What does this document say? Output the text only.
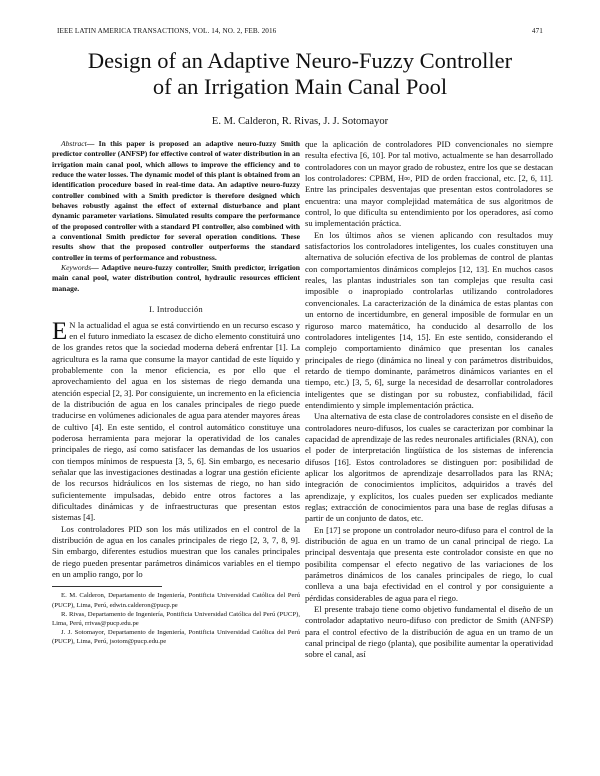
IEEE LATIN AMERICA TRANSACTIONS, VOL. 14, NO. 2, FEB. 2016	471
Design of an Adaptive Neuro-Fuzzy Controller
of an Irrigation Main Canal Pool
E. M. Calderon, R. Rivas, J. J. Sotomayor

Abstract— In this paper is proposed an adaptive neuro-fuzzy Smith predictor controller (ANFSP) for effective control of water distribution in an irrigation main canal pool, which allows to improve the efficiency and to reduce the water losses. The dynamic model of this plant is obtained from an identification procedure based in real-time data. An adaptive neuro-fuzzy controller combined with a Smith predictor is therefore designed which behaves robustly against the effect of external disturbance and plant dynamic parameter variations. Simulated results compare the performance of the proposed controller with a standard PI controller, also combined with a conventional Smith predictor for several operation conditions. These results show that the proposed controller outperforms the standard controller in terms of performance and robustness.

Keywords— Adaptive neuro-fuzzy controller, Smith predictor, irrigation main canal pool, water distribution control, hydraulic resources efficient manage.

I. Introducción

E N la actualidad el agua se está convirtiendo en un recurso escaso y en el futuro inmediato la escasez de dicho elemento constituirá uno de los grandes retos que la sociedad moderna deberá enfrentar [1]. La agricultura es la rama que consume la mayor cantidad de este líquido y probablemente con la menor eficiencia, es por ello que el aprovechamiento del agua en los sistemas de riego demanda una atención especial [2, 3]. Por consiguiente, un incremento en la eficiencia de la distribución de agua en los canales principales de riego puede traducirse en volúmenes adicionales de agua para atender mayores áreas de cultivo [4]. En este sentido, el control automático constituye una poderosa herramienta para mejorar la operatividad de los canales principales de riego, así como satisfacer las demandas de los usuarios con tiempos mínimos de respuesta [3, 5, 6]. Sin embargo, es necesario señalar que las investigaciones destinadas a lograr una gestión eficiente de los recursos hidráulicos en los sistemas de riego, no han sido suficientemente impulsadas, debido entre otros factores a las dificultades dinámicas y de infraestructuras que presentan estos sistemas [4].

Los controladores PID son los más utilizados en el control de la distribución de agua en los canales principales de riego [2, 3, 7, 8, 9]. Sin embargo, diferentes estudios muestran que los canales principales de riego pueden presentar parámetros dinámicos variables en el tiempo en un amplio rango, por lo

E. M. Calderon, Departamento de Ingeniería, Pontificia Universidad Católica del Perú (PUCP), Lima, Perú, edwin.calderon@pucp.pe

R. Rivas, Departamento de Ingeniería, Pontificia Universidad Católica del Perú (PUCP), Lima, Perú, rrivas@pucp.edu.pe

J. J. Sotomayor, Departamento de Ingeniería, Pontificia Universidad Católica del Perú (PUCP), Lima, Perú, jsotom@pucp.edu.pe

que la aplicación de controladores PID convencionales no siempre resulta efectiva [6, 10]. Por tal motivo, actualmente se han desarrollado controladores con un mayor grado de robustez, entre los que se destacan los controladores: CPBM, H∞, PID de orden fraccional, etc. [2, 6, 11]. Entre las principales desventajas que presentan estos controladores se encuentra: una mayor complejidad matemática de sus algoritmos de control, lo que dificulta su entendimiento por los operadores, así como su implementación práctica.

En los últimos años se vienen aplicando con resultados muy satisfactorios los controladores inteligentes, los cuales constituyen una alternativa de solución efectiva de los problemas de control de plantas con comportamientos dinámicos complejos [12, 13]. En muchos casos reales, las plantas industriales son tan complejas que resulta casi imposible o inapropiado controlarlas utilizando controladores convencionales. La caracterización de la dinámica de estas plantas con un entorno de incertidumbre, en general imposible de formular en un riguroso marco matemático, ha conducido al desarrollo de los controladores inteligentes [14, 15]. En este sentido, considerando el complejo comportamiento dinámico que presentan los canales principales de riego (dinámica no lineal y con parámetros distribuidos, retardo de tiempo dominante, parámetros dinámicos variantes en el tiempo, etc.) [3, 5, 6], surge la necesidad de desarrollar controladores inteligentes que se distingan por su robustez, confiabilidad, fácil entendimiento y simple implementación práctica.

Una alternativa de esta clase de controladores consiste en el diseño de controladores neuro-difusos, los cuales se caracterizan por combinar la capacidad de aprendizaje de las redes neuronales artificiales (RNA), con el poder de interpretación lingüística de los sistemas de inferencia difusos [16]. Estos controladores se distinguen por: posibilidad de aplicar los algoritmos de aprendizaje desarrollados para las RNA; integración de conocimientos implícitos, adquiridos a través del aprendizaje, y explícitos, los cuales pueden ser explicados mediante reglas; extracción de conocimientos para una base de reglas difusas a partir de un conjunto de datos, etc.

En [17] se propone un controlador neuro-difuso para el control de la distribución de agua en un tramo de un canal principal de riego. La principal desventaja que presenta este controlador consiste en que no posibilita compensar el efecto negativo de las variaciones de los parámetros dinámicos de los canales principales de riego, lo cual conlleva a una baja efectividad en el control y por consiguiente a pérdidas considerables de agua para el riego.

El presente trabajo tiene como objetivo fundamental el diseño de un controlador adaptativo neuro-difuso con predictor de Smith (ANFSP) para el control efectivo de la distribución de agua en un tramo de un canal principal de riego (planta), que posibilite aumentar la operatividad sobre el canal, así
